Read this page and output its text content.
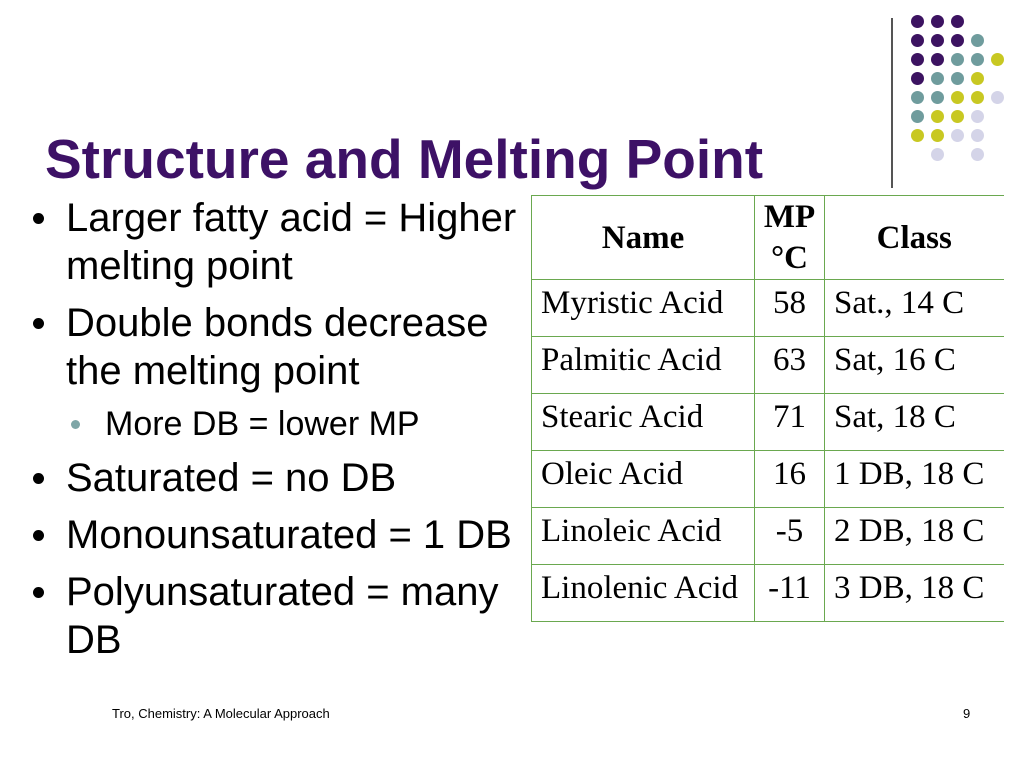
Structure and Melting Point
Larger fatty acid = Higher melting point
Double bonds decrease the melting point
More DB = lower MP
Saturated = no DB
Monounsaturated = 1 DB
Polyunsaturated = many DB
Name	MP °C	Class
Myristic Acid	58	Sat., 14 C
Palmitic Acid	63	Sat, 16 C
Stearic Acid	71	Sat, 18 C
Oleic Acid	16	1 DB, 18 C
Linoleic Acid	-5	2 DB, 18 C
Linolenic Acid	-11	3 DB, 18 C
Tro, Chemistry: A Molecular Approach	9
